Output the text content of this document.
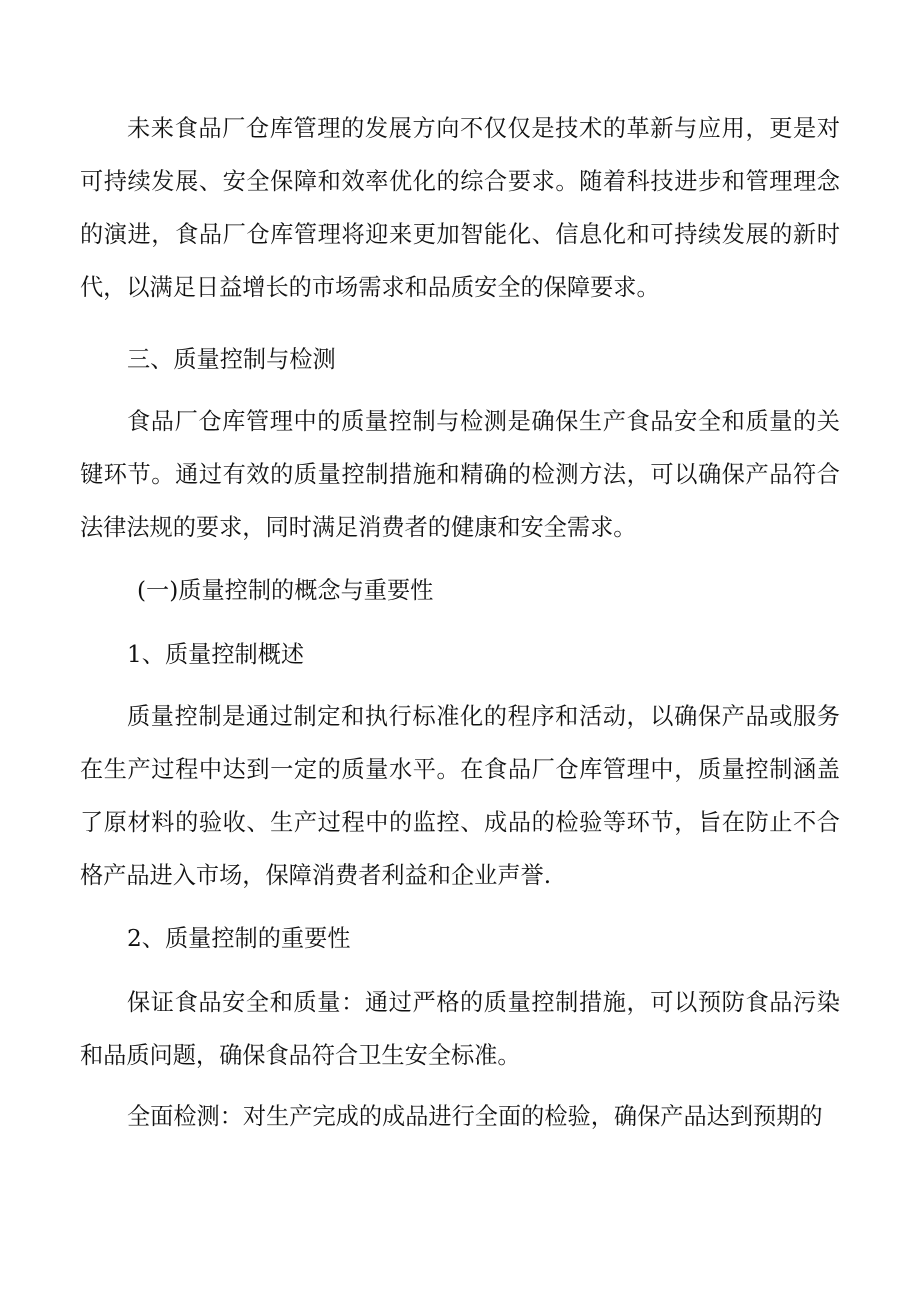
未来食品厂仓库管理的发展方向不仅仅是技术的革新与应用，更是对可持续发展、安全保障和效率优化的综合要求。随着科技进步和管理理念的演进，食品厂仓库管理将迎来更加智能化、信息化和可持续发展的新时代，以满足日益增长的市场需求和品质安全的保障要求。

三、质量控制与检测

食品厂仓库管理中的质量控制与检测是确保生产食品安全和质量的关键环节。通过有效的质量控制措施和精确的检测方法，可以确保产品符合法律法规的要求，同时满足消费者的健康和安全需求。

(一)质量控制的概念与重要性

1、质量控制概述

质量控制是通过制定和执行标准化的程序和活动，以确保产品或服务在生产过程中达到一定的质量水平。在食品厂仓库管理中，质量控制涵盖了原材料的验收、生产过程中的监控、成品的检验等环节，旨在防止不合格产品进入市场，保障消费者利益和企业声誉.

2、质量控制的重要性

保证食品安全和质量：通过严格的质量控制措施，可以预防食品污染和品质问题，确保食品符合卫生安全标准。

全面检测：对生产完成的成品进行全面的检验，确保产品达到预期的
